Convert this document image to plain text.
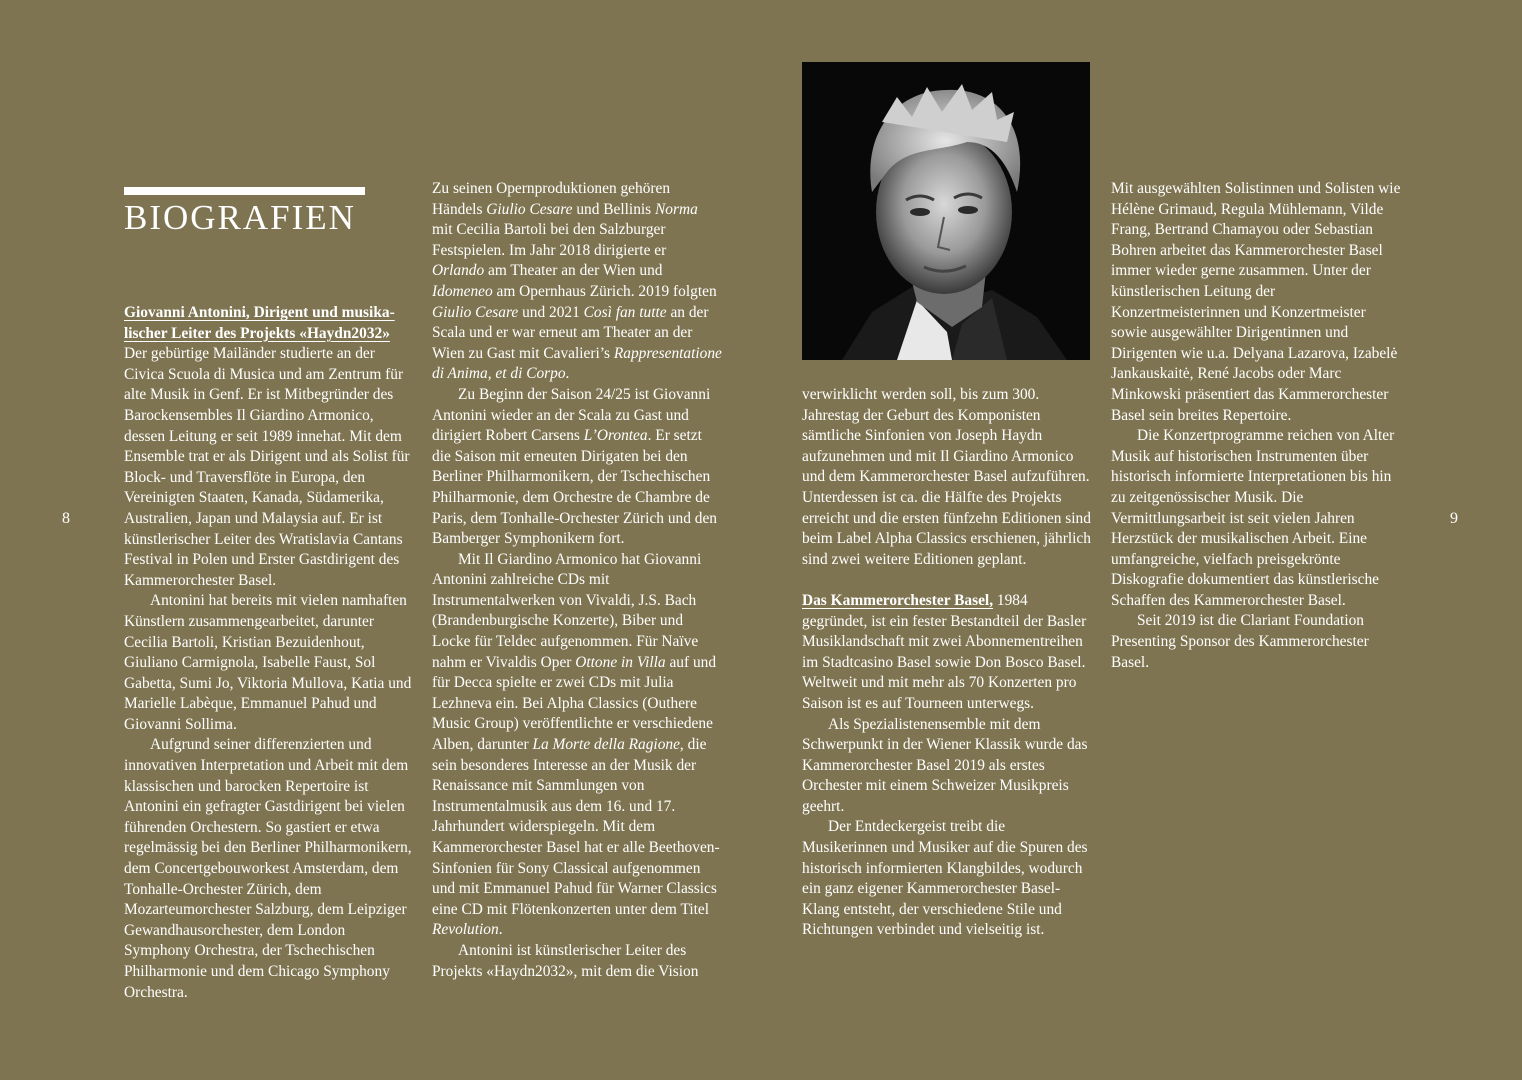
BIOGRAFIEN
8	9

Giovanni Antonini, Dirigent und musika-lischer Leiter des Projekts «Haydn2032»

Der gebürtige Mailänder studierte an der Civica Scuola di Musica und am Zentrum für alte Musik in Genf. Er ist Mitbegründer des Barockensembles Il Giardino Armonico, dessen Leitung er seit 1989 innehat. Mit dem Ensemble trat er als Dirigent und als Solist für Block- und Traversflöte in Europa, den Vereinigten Staaten, Kanada, Südamerika, Australien, Japan und Malaysia auf. Er ist künstlerischer Leiter des Wratislavia Cantans Festival in Polen und Erster Gastdirigent des Kammerorchester Basel.

Antonini hat bereits mit vielen namhaften Künstlern zusammengearbeitet, darunter Cecilia Bartoli, Kristian Bezuidenhout, Giuliano Carmignola, Isabelle Faust, Sol Gabetta, Sumi Jo, Viktoria Mullova, Katia und Marielle Labèque, Emmanuel Pahud und Giovanni Sollima.

Aufgrund seiner differenzierten und innovativen Interpretation und Arbeit mit dem klassischen und barocken Repertoire ist Antonini ein gefragter Gastdirigent bei vielen führenden Orchestern. So gastiert er etwa regelmässig bei den Berliner Philharmonikern, dem Concertgebouworkest Amsterdam, dem Tonhalle-Orchester Zürich, dem Mozarteumorchester Salzburg, dem Leipziger Gewandhausorchester, dem London Symphony Orchestra, der Tschechischen Philharmonie und dem Chicago Symphony Orchestra.

Zu seinen Opernproduktionen gehören Händels Giulio Cesare und Bellinis Norma mit Cecilia Bartoli bei den Salzburger Festspielen. Im Jahr 2018 dirigierte er Orlando am Theater an der Wien und Idomeneo am Opernhaus Zürich. 2019 folgten Giulio Cesare und 2021 Così fan tutte an der Scala und er war erneut am Theater an der Wien zu Gast mit Cavalieri’s Rappresentatione di Anima, et di Corpo.

Zu Beginn der Saison 24/25 ist Giovanni Antonini wieder an der Scala zu Gast und dirigiert Robert Carsens L’Orontea. Er setzt die Saison mit erneuten Dirigaten bei den Berliner Philharmonikern, der Tschechischen Philharmonie, dem Orchestre de Chambre de Paris, dem Tonhalle-Orchester Zürich und den Bamberger Symphonikern fort.

Mit Il Giardino Armonico hat Giovanni Antonini zahlreiche CDs mit Instrumentalwerken von Vivaldi, J.S. Bach (Brandenburgische Konzerte), Biber und Locke für Teldec aufgenommen. Für Naïve nahm er Vivaldis Oper Ottone in Villa auf und für Decca spielte er zwei CDs mit Julia Lezhneva ein. Bei Alpha Classics (Outhere Music Group) veröffentlichte er verschiedene Alben, darunter La Morte della Ragione, die sein besonderes Interesse an der Musik der Renaissance mit Sammlungen von Instrumentalmusik aus dem 16. und 17. Jahrhundert widerspiegeln. Mit dem Kammerorchester Basel hat er alle Beethoven-Sinfonien für Sony Classical aufgenommen und mit Emmanuel Pahud für Warner Classics eine CD mit Flötenkonzerten unter dem Titel Revolution.

Antonini ist künstlerischer Leiter des Projekts «Haydn2032», mit dem die Vision

verwirklicht werden soll, bis zum 300. Jahrestag der Geburt des Komponisten sämtliche Sinfonien von Joseph Haydn aufzunehmen und mit Il Giardino Armonico und dem Kammerorchester Basel aufzuführen. Unterdessen ist ca. die Hälfte des Projekts erreicht und die ersten fünfzehn Editionen sind beim Label Alpha Classics erschienen, jährlich sind zwei weitere Editionen geplant.

Das Kammerorchester Basel, 1984 gegründet, ist ein fester Bestandteil der Basler Musiklandschaft mit zwei Abonnementreihen im Stadtcasino Basel sowie Don Bosco Basel. Weltweit und mit mehr als 70 Konzerten pro Saison ist es auf Tourneen unterwegs.

Als Spezialistenensemble mit dem Schwerpunkt in der Wiener Klassik wurde das Kammerorchester Basel 2019 als erstes Orchester mit einem Schweizer Musikpreis geehrt.

Der Entdeckergeist treibt die Musikerinnen und Musiker auf die Spuren des historisch informierten Klangbildes, wodurch ein ganz eigener Kammerorchester Basel-Klang entsteht, der verschiedene Stile und Richtungen verbindet und vielseitig ist.

Mit ausgewählten Solistinnen und Solisten wie Hélène Grimaud, Regula Mühlemann, Vilde Frang, Bertrand Chamayou oder Sebastian Bohren arbeitet das Kammerorchester Basel immer wieder gerne zusammen. Unter der künstlerischen Leitung der Konzertmeisterinnen und Konzertmeister sowie ausgewählter Dirigentinnen und Dirigenten wie u.a. Delyana Lazarova, Izabelė Jankauskaitė, René Jacobs oder Marc Minkowski präsentiert das Kammerorchester Basel sein breites Repertoire.

Die Konzertprogramme reichen von Alter Musik auf historischen Instrumenten über historisch informierte Interpretationen bis hin zu zeitgenössischer Musik. Die Vermittlungsarbeit ist seit vielen Jahren Herzstück der musikalischen Arbeit. Eine umfangreiche, vielfach preisgekrönte Diskografie dokumentiert das künstlerische Schaffen des Kammerorchester Basel.

Seit 2019 ist die Clariant Foundation Presenting Sponsor des Kammerorchester Basel.
